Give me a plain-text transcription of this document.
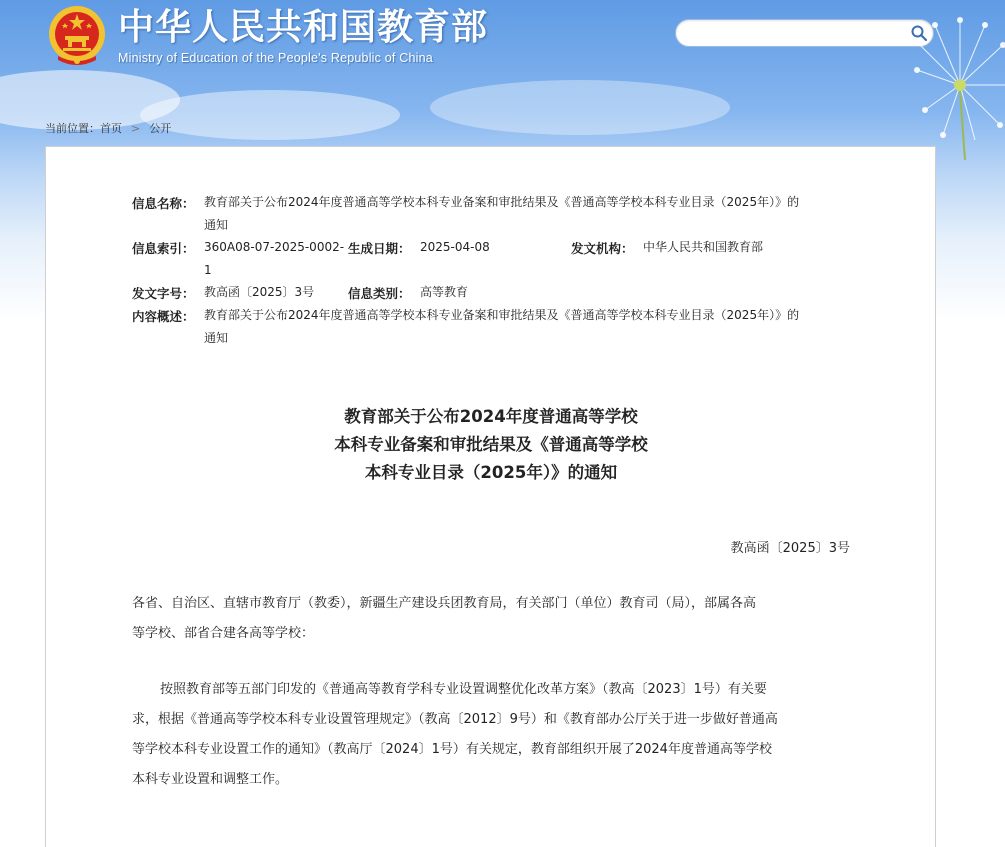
中华人民共和国教育部
Ministry of Education of the People's Republic of China
当前位置： 首页 > 公开
信息名称： 教育部关于公布2024年度普通高等学校本科专业备案和审批结果及《普通高等学校本科专业目录（2025年）》的
通知
信息索引： 360A08-07-2025-0002-
1
生成日期： 2025-04-08	发文机构： 中华人民共和国教育部
发文字号： 教高函〔2025〕3号	信息类别： 高等教育
内容概述： 教育部关于公布2024年度普通高等学校本科专业备案和审批结果及《普通高等学校本科专业目录（2025年）》的
通知
教育部关于公布2024年度普通高等学校
本科专业备案和审批结果及《普通高等学校
本科专业目录（2025年）》的通知
教高函〔2025〕3号
各省、自治区、直辖市教育厅（教委），新疆生产建设兵团教育局，有关部门（单位）教育司（局），部属各高
等学校、部省合建各高等学校：
按照教育部等五部门印发的《普通高等教育学科专业设置调整优化改革方案》（教高〔2023〕1号）有关要
求，根据《普通高等学校本科专业设置管理规定》（教高〔2012〕9号）和《教育部办公厅关于进一步做好普通高
等学校本科专业设置工作的通知》（教高厅〔2024〕1号）有关规定，教育部组织开展了2024年度普通高等学校
本科专业设置和调整工作。
